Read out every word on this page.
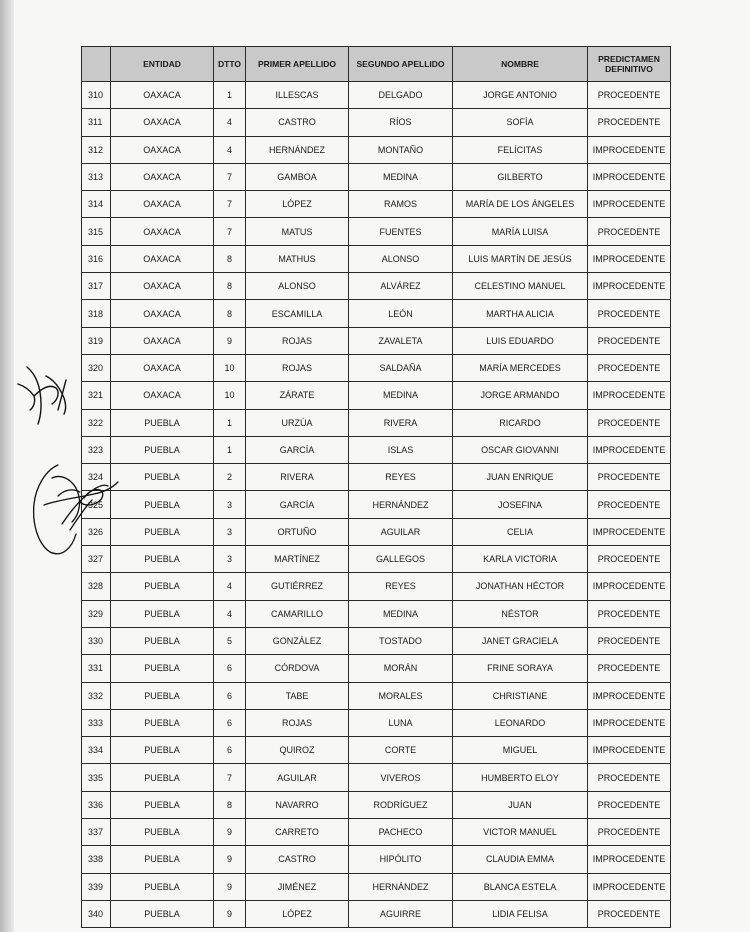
	ENTIDAD	DTTO	PRIMER APELLIDO	SEGUNDO APELLIDO	NOMBRE	PREDICTAMEN DEFINITIVO
310	OAXACA	1	ILLESCAS	DELGADO	JORGE ANTONIO	PROCEDENTE
311	OAXACA	4	CASTRO	RÍOS	SOFÍA	PROCEDENTE
312	OAXACA	4	HERNÁNDEZ	MONTAÑO	FELÍCITAS	IMPROCEDENTE
313	OAXACA	7	GAMBOA	MEDINA	GILBERTO	IMPROCEDENTE
314	OAXACA	7	LÓPEZ	RAMOS	MARÍA DE LOS ÁNGELES	IMPROCEDENTE
315	OAXACA	7	MATUS	FUENTES	MARÍA LUISA	PROCEDENTE
316	OAXACA	8	MATHUS	ALONSO	LUIS MARTÍN DE JESÚS	IMPROCEDENTE
317	OAXACA	8	ALONSO	ALVÁREZ	CELESTINO MANUEL	IMPROCEDENTE
318	OAXACA	8	ESCAMILLA	LEÓN	MARTHA ALICIA	PROCEDENTE
319	OAXACA	9	ROJAS	ZAVALETA	LUIS EDUARDO	PROCEDENTE
320	OAXACA	10	ROJAS	SALDAÑA	MARÍA MERCEDES	PROCEDENTE
321	OAXACA	10	ZÁRATE	MEDINA	JORGE ARMANDO	IMPROCEDENTE
322	PUEBLA	1	URZÚA	RIVERA	RICARDO	PROCEDENTE
323	PUEBLA	1	GARCÍA	ISLAS	OSCAR GIOVANNI	IMPROCEDENTE
324	PUEBLA	2	RIVERA	REYES	JUAN ENRIQUE	PROCEDENTE
325	PUEBLA	3	GARCÍA	HERNÁNDEZ	JOSEFINA	PROCEDENTE
326	PUEBLA	3	ORTUÑO	AGUILAR	CELIA	IMPROCEDENTE
327	PUEBLA	3	MARTÍNEZ	GALLEGOS	KARLA VICTORIA	PROCEDENTE
328	PUEBLA	4	GUTIÉRREZ	REYES	JONATHAN HÉCTOR	IMPROCEDENTE
329	PUEBLA	4	CAMARILLO	MEDINA	NÉSTOR	PROCEDENTE
330	PUEBLA	5	GONZÁLEZ	TOSTADO	JANET GRACIELA	PROCEDENTE
331	PUEBLA	6	CÓRDOVA	MORÁN	FRINE SORAYA	PROCEDENTE
332	PUEBLA	6	TABE	MORALES	CHRISTIANE	IMPROCEDENTE
333	PUEBLA	6	ROJAS	LUNA	LEONARDO	IMPROCEDENTE
334	PUEBLA	6	QUIROZ	CORTE	MIGUEL	IMPROCEDENTE
335	PUEBLA	7	AGUILAR	VIVEROS	HUMBERTO ELOY	PROCEDENTE
336	PUEBLA	8	NAVARRO	RODRÍGUEZ	JUAN	PROCEDENTE
337	PUEBLA	9	CARRETO	PACHECO	VICTOR MANUEL	PROCEDENTE
338	PUEBLA	9	CASTRO	HIPÓLITO	CLAUDIA EMMA	IMPROCEDENTE
339	PUEBLA	9	JIMÉNEZ	HERNÁNDEZ	BLANCA ESTELA	IMPROCEDENTE
340	PUEBLA	9	LÓPEZ	AGUIRRE	LIDIA FELISA	PROCEDENTE
